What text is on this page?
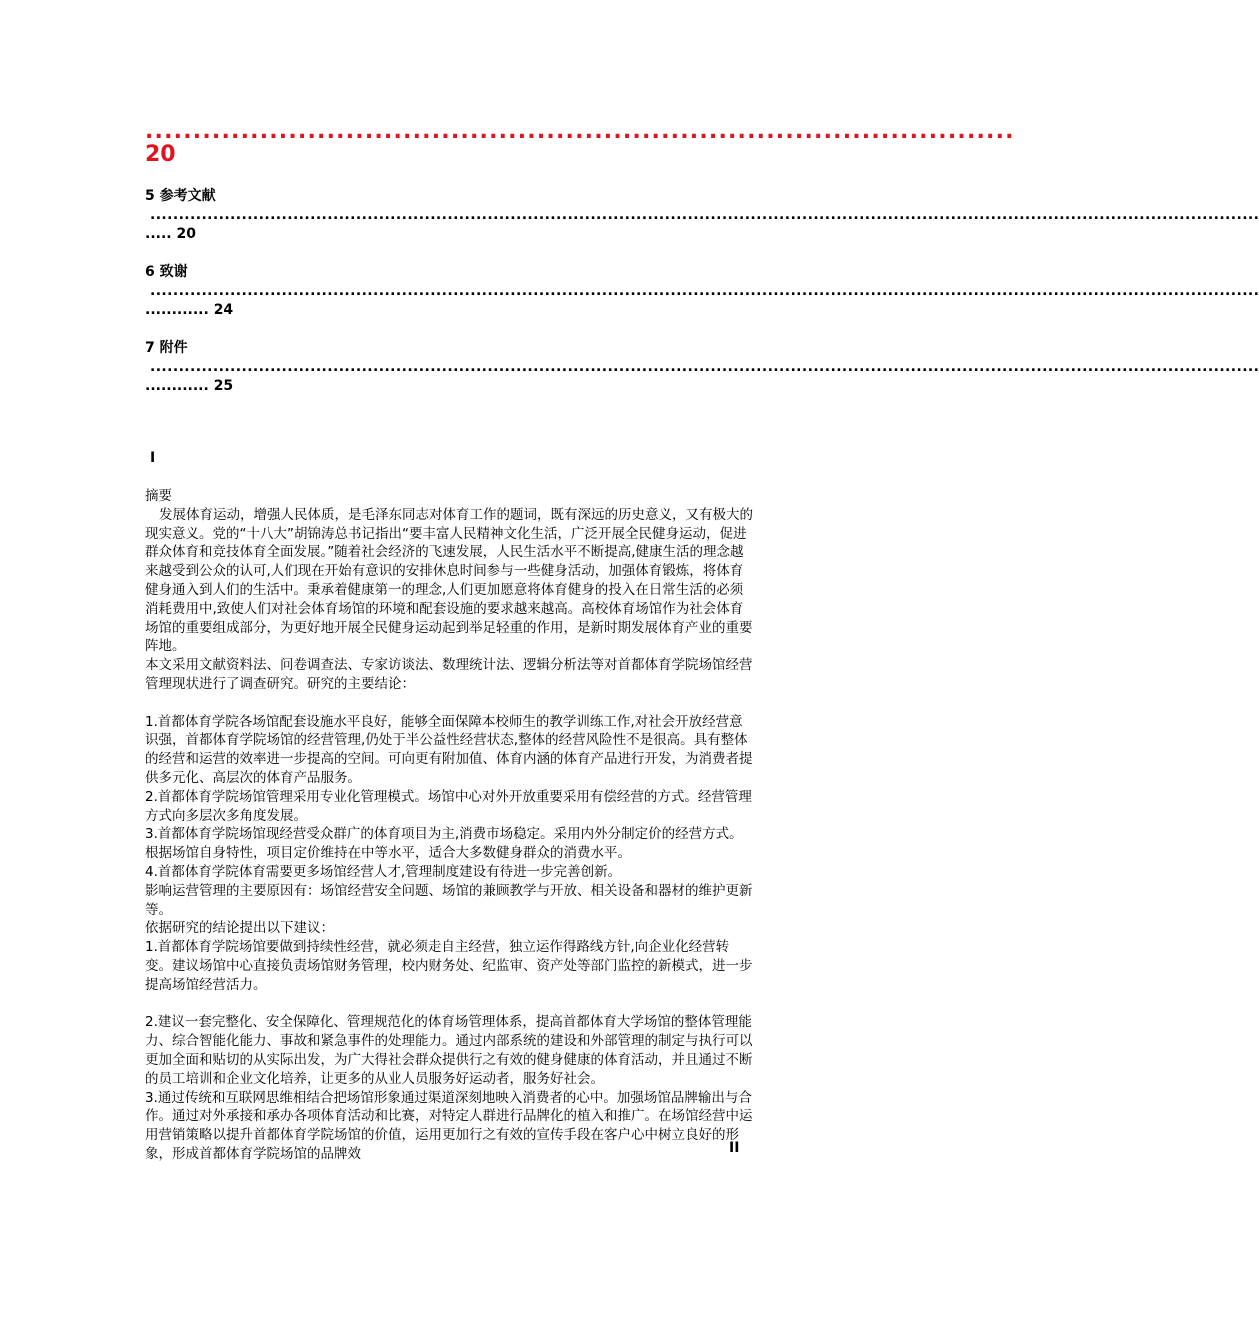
...........................................................................................
20
5 参考文献
..................................................................................................................................................................................................
..... 20
6 致谢
..................................................................................................................................................................................................
............ 24
7 附件
..................................................................................................................................................................................................
............ 25
I

摘要

发展体育运动，增强人民体质，是毛泽东同志对体育工作的题词，既有深远的历史意义，又有极大的现实意义。党的“十八大”胡锦涛总书记指出“要丰富人民精神文化生活，广泛开展全民健身运动，促进群众体育和竞技体育全面发展。”随着社会经济的飞速发展，人民生活水平不断提高,健康生活的理念越来越受到公众的认可,人们现在开始有意识的安排休息时间参与一些健身活动，加强体育锻炼，将体育健身通入到人们的生活中。秉承着健康第一的理念,人们更加愿意将体育健身的投入在日常生活的必须消耗费用中,致使人们对社会体育场馆的环境和配套设施的要求越来越高。高校体育场馆作为社会体育场馆的重要组成部分，为更好地开展全民健身运动起到举足轻重的作用，是新时期发展体育产业的重要阵地。

本文采用文献资料法、问卷调查法、专家访谈法、数理统计法、逻辑分析法等对首都体育学院场馆经营管理现状进行了调查研究。研究的主要结论：

1.首都体育学院各场馆配套设施水平良好，能够全面保障本校师生的教学训练工作,对社会开放经营意识强，首都体育学院场馆的经营管理,仍处于半公益性经营状态,整体的经营风险性不是很高。具有整体的经营和运营的效率进一步提高的空间。可向更有附加值、体育内涵的体育产品进行开发，为消费者提供多元化、高层次的体育产品服务。

2.首都体育学院场馆管理采用专业化管理模式。场馆中心对外开放重要采用有偿经营的方式。经营管理方式向多层次多角度发展。

3.首都体育学院场馆现经营受众群广的体育项目为主,消费市场稳定。采用内外分制定价的经营方式。根据场馆自身特性，项目定价维持在中等水平，适合大多数健身群众的消费水平。

4.首都体育学院体育需要更多场馆经营人才,管理制度建设有待进一步完善创新。

影响运营管理的主要原因有：场馆经营安全问题、场馆的兼顾教学与开放、相关设备和器材的维护更新等。

依据研究的结论提出以下建议：

1.首都体育学院场馆要做到持续性经营，就必须走自主经营，独立运作得路线方针,向企业化经营转变。建议场馆中心直接负责场馆财务管理，校内财务处、纪监审、资产处等部门监控的新模式，进一步提高场馆经营活力。

2.建议一套完整化、安全保障化、管理规范化的体育场管理体系，提高首都体育大学场馆的整体管理能力、综合智能化能力、事故和紧急事件的处理能力。通过内部系统的建设和外部管理的制定与执行可以更加全面和贴切的从实际出发，为广大得社会群众提供行之有效的健身健康的体育活动，并且通过不断的员工培训和企业文化培养，让更多的从业人员服务好运动者，服务好社会。

3.通过传统和互联网思维相结合把场馆形象通过渠道深刻地映入消费者的心中。加强场馆品牌输出与合作。通过对外承接和承办各项体育活动和比赛，对特定人群进行品牌化的植入和推广。在场馆经营中运用营销策略以提升首都体育学院场馆的价值，运用更加行之有效的宣传手段在客户心中树立良好的形象，形成首都体育学院场馆的品牌效	II
